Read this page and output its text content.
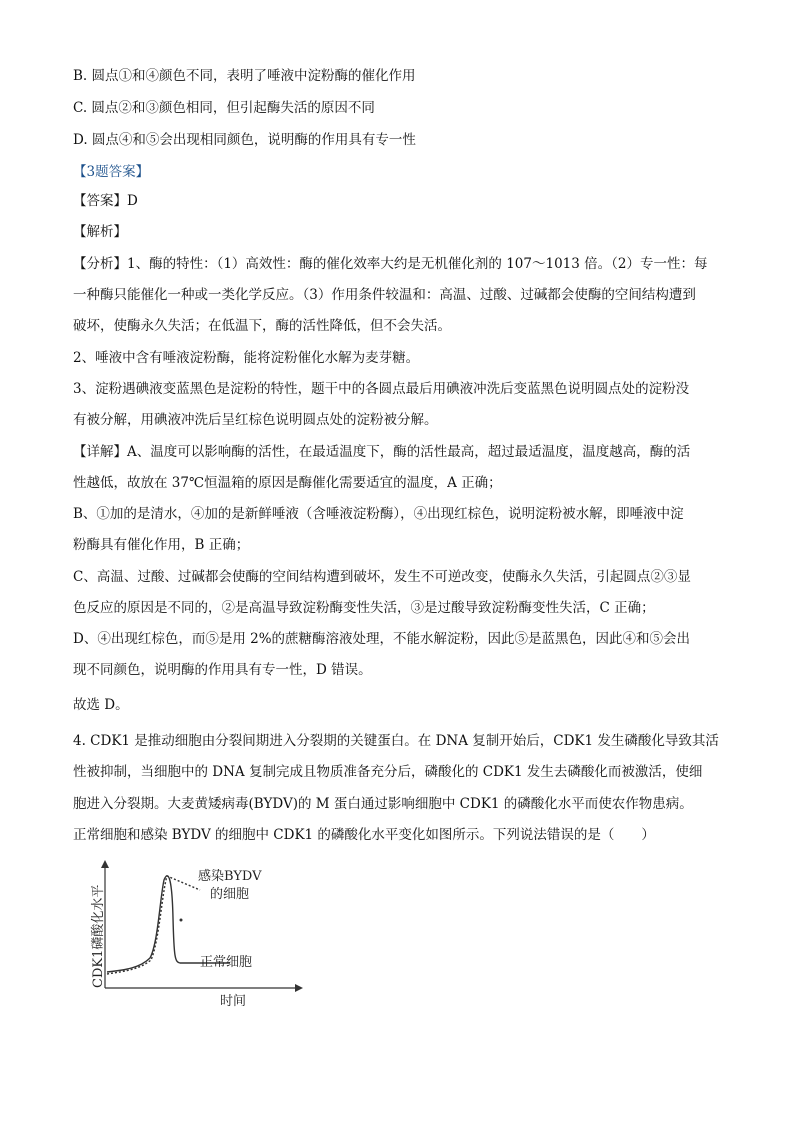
B. 圆点①和④颜色不同，表明了唾液中淀粉酶的催化作用
C. 圆点②和③颜色相同，但引起酶失活的原因不同
D. 圆点④和⑤会出现相同颜色，说明酶的作用具有专一性
【3题答案】
【答案】D
【解析】
【分析】1、酶的特性：（1）高效性：酶的催化效率大约是无机催化剂的 107～1013 倍。（2）专一性：每
一种酶只能催化一种或一类化学反应。（3）作用条件较温和：高温、过酸、过碱都会使酶的空间结构遭到
破坏，使酶永久失活；在低温下，酶的活性降低，但不会失活。
2、唾液中含有唾液淀粉酶，能将淀粉催化水解为麦芽糖。
3、淀粉遇碘液变蓝黑色是淀粉的特性，题干中的各圆点最后用碘液冲洗后变蓝黑色说明圆点处的淀粉没
有被分解，用碘液冲洗后呈红棕色说明圆点处的淀粉被分解。
【详解】A、温度可以影响酶的活性，在最适温度下，酶的活性最高，超过最适温度，温度越高，酶的活
性越低，故放在 37℃恒温箱的原因是酶催化需要适宜的温度，A 正确；
B、①加的是清水，④加的是新鲜唾液（含唾液淀粉酶），④出现红棕色，说明淀粉被水解，即唾液中淀
粉酶具有催化作用，B 正确；
C、高温、过酸、过碱都会使酶的空间结构遭到破坏，发生不可逆改变，使酶永久失活，引起圆点②③显
色反应的原因是不同的，②是高温导致淀粉酶变性失活，③是过酸导致淀粉酶变性失活，C 正确；
D、④出现红棕色，而⑤是用 2%的蔗糖酶溶液处理，不能水解淀粉，因此⑤是蓝黑色，因此④和⑤会出
现不同颜色，说明酶的作用具有专一性，D 错误。
故选 D。
4. CDK1 是推动细胞由分裂间期进入分裂期的关键蛋白。在 DNA 复制开始后，CDK1 发生磷酸化导致其活
性被抑制，当细胞中的 DNA 复制完成且物质准备充分后，磷酸化的 CDK1 发生去磷酸化而被激活，使细
胞进入分裂期。大麦黄矮病毒(BYDV)的 M 蛋白通过影响细胞中 CDK1 的磷酸化水平而使农作物患病。
正常细胞和感染 BYDV 的细胞中 CDK1 的磷酸化水平变化如图所示。下列说法错误的是（　　）
CDK1磷酸化水平
感染BYDV
的细胞
正常细胞
时间
